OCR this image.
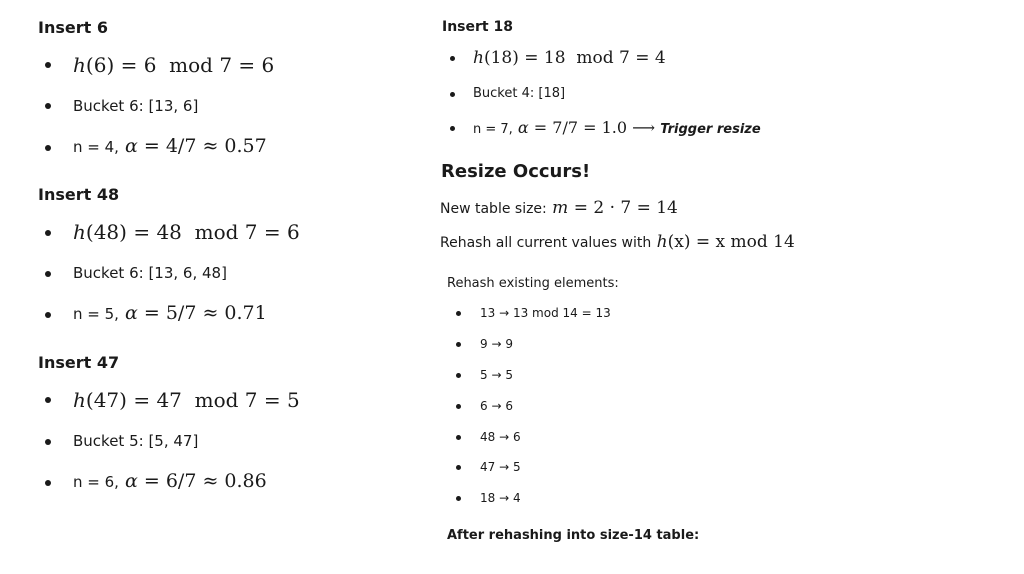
Insert 6
h(6) = 6 mod 7 = 6
Bucket 6: [13, 6]
n = 4, α = 4/7 ≈ 0.57
Insert 48
h(48) = 48 mod 7 = 6
Bucket 6: [13, 6, 48]
n = 5, α = 5/7 ≈ 0.71
Insert 47
h(47) = 47 mod 7 = 5
Bucket 5: [5, 47]
n = 6, α = 6/7 ≈ 0.86
Insert 18
h(18) = 18 mod 7 = 4
Bucket 4: [18]
n = 7, α = 7/7 = 1.0 ⟶ Trigger resize
Resize Occurs!
New table size: m = 2 · 7 = 14
Rehash all current values with h(x) = x mod 14
Rehash existing elements:
13 → 13 mod 14 = 13
9 → 9
5 → 5
6 → 6
48 → 6
47 → 5
18 → 4
After rehashing into size-14 table:
